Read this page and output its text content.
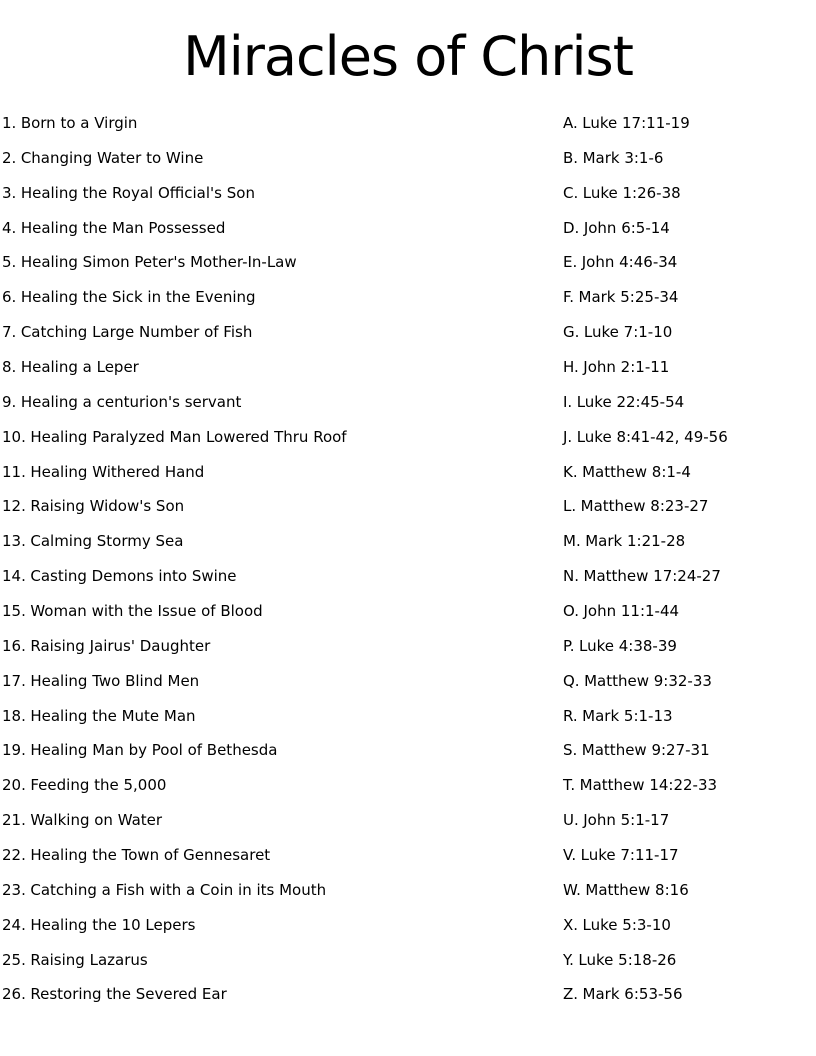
Miracles of Christ
1. Born to a Virgin	A. Luke 17:11-19
2. Changing Water to Wine	B. Mark 3:1-6
3. Healing the Royal Official's Son	C. Luke 1:26-38
4. Healing the Man Possessed	D. John 6:5-14
5. Healing Simon Peter's Mother-In-Law	E. John 4:46-34
6. Healing the Sick in the Evening	F. Mark 5:25-34
7. Catching Large Number of Fish	G. Luke 7:1-10
8. Healing a Leper	H. John 2:1-11
9. Healing a centurion's servant	I. Luke 22:45-54
10. Healing Paralyzed Man Lowered Thru Roof	J. Luke 8:41-42, 49-56
11. Healing Withered Hand	K. Matthew 8:1-4
12. Raising Widow's Son	L. Matthew 8:23-27
13. Calming Stormy Sea	M. Mark 1:21-28
14. Casting Demons into Swine	N. Matthew 17:24-27
15. Woman with the Issue of Blood	O. John 11:1-44
16. Raising Jairus' Daughter	P. Luke 4:38-39
17. Healing Two Blind Men	Q. Matthew 9:32-33
18. Healing the Mute Man	R. Mark 5:1-13
19. Healing Man by Pool of Bethesda	S. Matthew 9:27-31
20. Feeding the 5,000	T. Matthew 14:22-33
21. Walking on Water	U. John 5:1-17
22. Healing the Town of Gennesaret	V. Luke 7:11-17
23. Catching a Fish with a Coin in its Mouth	W. Matthew 8:16
24. Healing the 10 Lepers	X. Luke 5:3-10
25. Raising Lazarus	Y. Luke 5:18-26
26. Restoring the Severed Ear	Z. Mark 6:53-56
